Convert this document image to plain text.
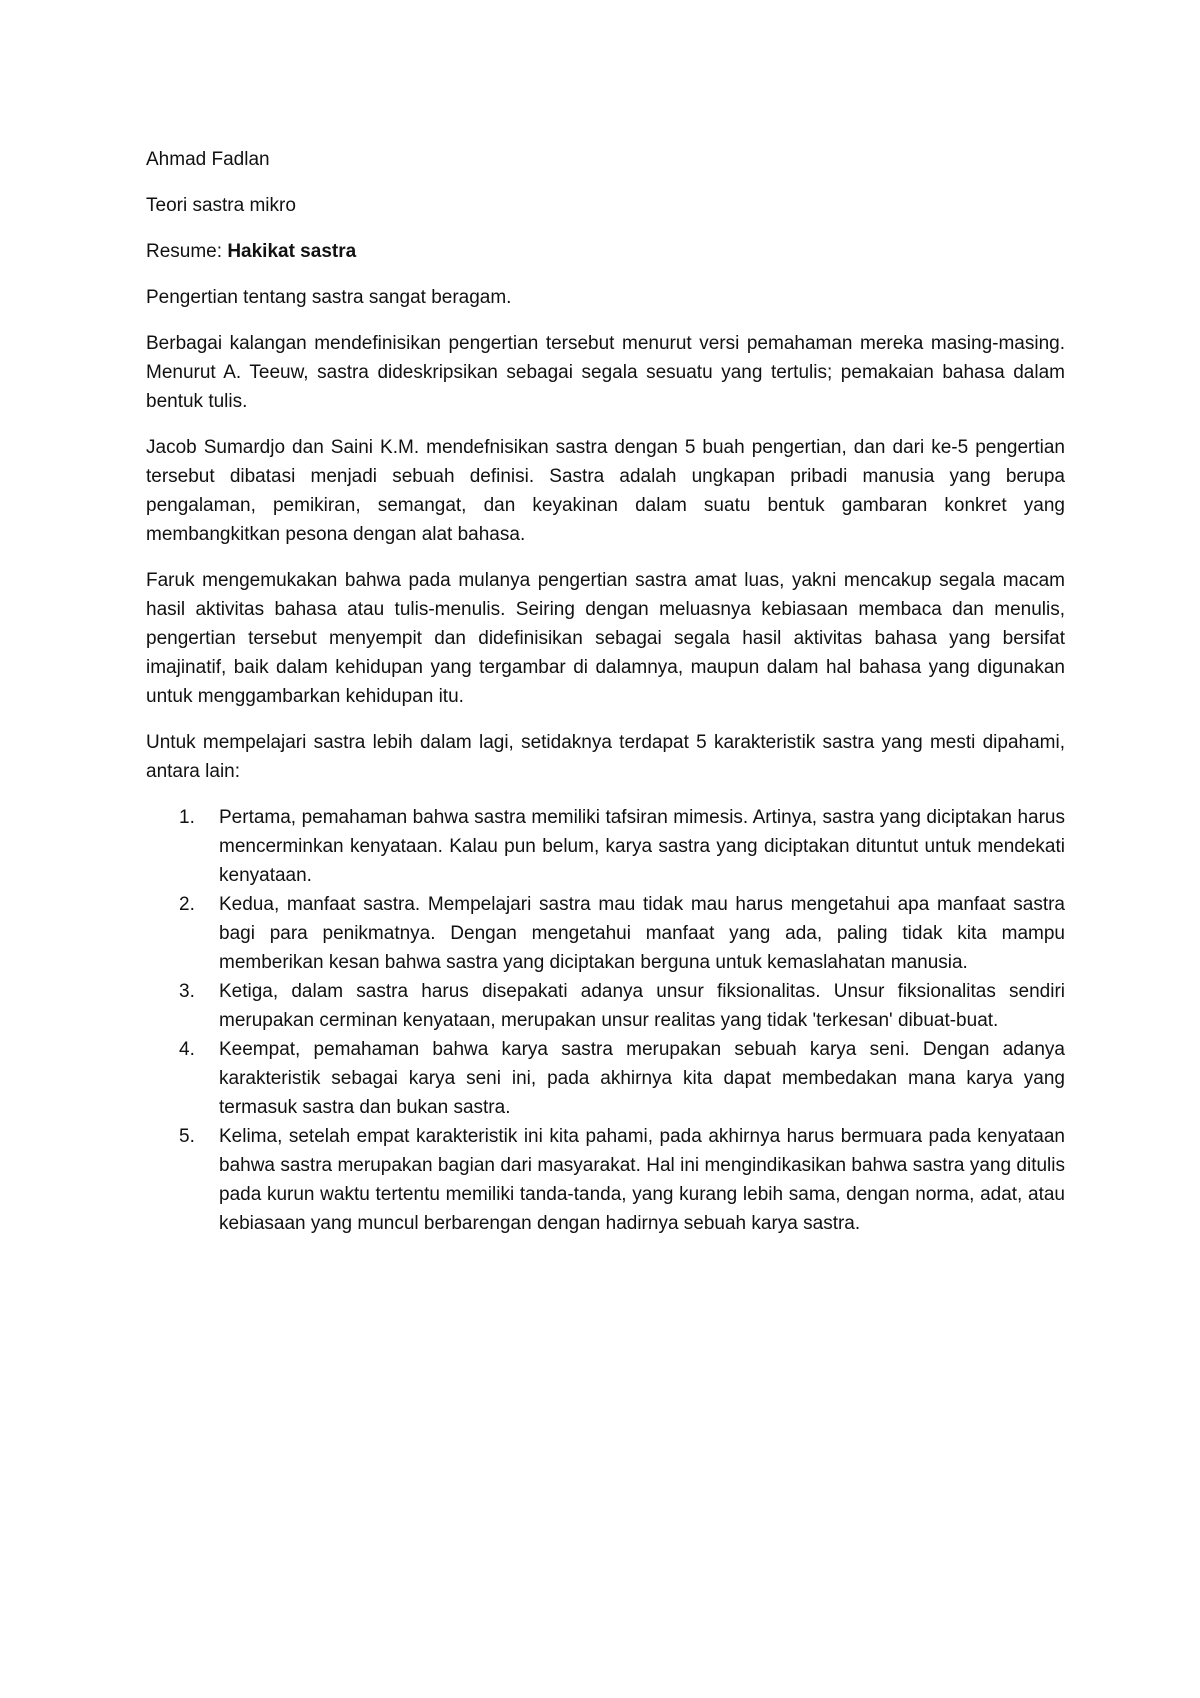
Ahmad Fadlan
Teori sastra mikro
Resume: Hakikat sastra

Pengertian tentang sastra sangat beragam.

Berbagai kalangan mendefinisikan pengertian tersebut menurut versi pemahaman mereka masing-masing. Menurut A. Teeuw, sastra dideskripsikan sebagai segala sesuatu yang tertulis; pemakaian bahasa dalam bentuk tulis.

Jacob Sumardjo dan Saini K.M. mendefnisikan sastra dengan 5 buah pengertian, dan dari ke-5 pengertian tersebut dibatasi menjadi sebuah definisi. Sastra adalah ungkapan pribadi manusia yang berupa pengalaman, pemikiran, semangat, dan keyakinan dalam suatu bentuk gambaran konkret yang membangkitkan pesona dengan alat bahasa.

Faruk mengemukakan bahwa pada mulanya pengertian sastra amat luas, yakni mencakup segala macam hasil aktivitas bahasa atau tulis-menulis. Seiring dengan meluasnya kebiasaan membaca dan menulis, pengertian tersebut menyempit dan didefinisikan sebagai segala hasil aktivitas bahasa yang bersifat imajinatif, baik dalam kehidupan yang tergambar di dalamnya, maupun dalam hal bahasa yang digunakan untuk menggambarkan kehidupan itu.

Untuk mempelajari sastra lebih dalam lagi, setidaknya terdapat 5 karakteristik sastra yang mesti dipahami, antara lain:

1. Pertama, pemahaman bahwa sastra memiliki tafsiran mimesis. Artinya, sastra yang diciptakan harus mencerminkan kenyataan. Kalau pun belum, karya sastra yang diciptakan dituntut untuk mendekati kenyataan.
2. Kedua, manfaat sastra. Mempelajari sastra mau tidak mau harus mengetahui apa manfaat sastra bagi para penikmatnya. Dengan mengetahui manfaat yang ada, paling tidak kita mampu memberikan kesan bahwa sastra yang diciptakan berguna untuk kemaslahatan manusia.
3. Ketiga, dalam sastra harus disepakati adanya unsur fiksionalitas. Unsur fiksionalitas sendiri merupakan cerminan kenyataan, merupakan unsur realitas yang tidak 'terkesan' dibuat-buat.
4. Keempat, pemahaman bahwa karya sastra merupakan sebuah karya seni. Dengan adanya karakteristik sebagai karya seni ini, pada akhirnya kita dapat membedakan mana karya yang termasuk sastra dan bukan sastra.
5. Kelima, setelah empat karakteristik ini kita pahami, pada akhirnya harus bermuara pada kenyataan bahwa sastra merupakan bagian dari masyarakat. Hal ini mengindikasikan bahwa sastra yang ditulis pada kurun waktu tertentu memiliki tanda-tanda, yang kurang lebih sama, dengan norma, adat, atau kebiasaan yang muncul berbarengan dengan hadirnya sebuah karya sastra.
